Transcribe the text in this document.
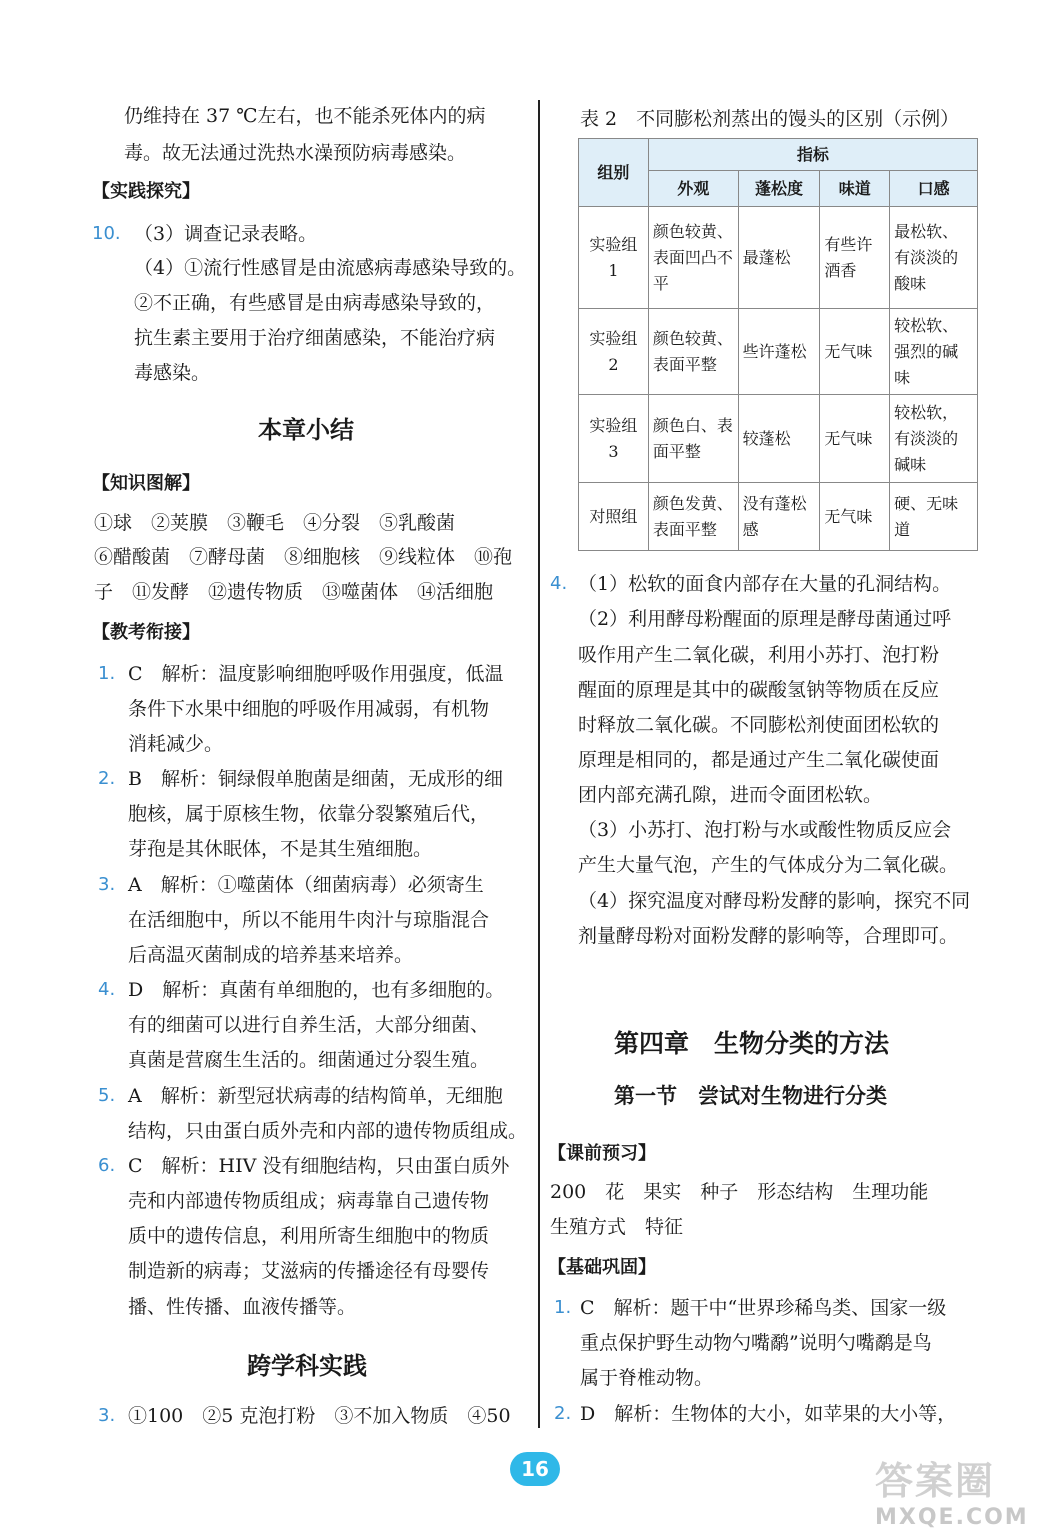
仍维持在 37 ℃左右，也不能杀死体内的病
毒。故无法通过洗热水澡预防病毒感染。
【实践探究】
10. （3）调查记录表略。
（4）①流行性感冒是由流感病毒感染导致的。
②不正确，有些感冒是由病毒感染导致的，
抗生素主要用于治疗细菌感染，不能治疗病
毒感染。
本章小结
【知识图解】
①球　②荚膜　③鞭毛　④分裂　⑤乳酸菌
⑥醋酸菌　⑦酵母菌　⑧细胞核　⑨线粒体　⑩孢
子　⑪发酵　⑫遗传物质　⑬噬菌体　⑭活细胞
【教考衔接】
1. C　解析：温度影响细胞呼吸作用强度，低温
条件下水果中细胞的呼吸作用减弱，有机物
消耗减少。
2. B　解析：铜绿假单胞菌是细菌，无成形的细
胞核，属于原核生物，依靠分裂繁殖后代，
芽孢是其休眠体，不是其生殖细胞。
3. A　解析：①噬菌体（细菌病毒）必须寄生
在活细胞中，所以不能用牛肉汁与琼脂混合
后高温灭菌制成的培养基来培养。
4. D　解析：真菌有单细胞的，也有多细胞的。
有的细菌可以进行自养生活，大部分细菌、
真菌是营腐生生活的。细菌通过分裂生殖。
5. A　解析：新型冠状病毒的结构简单，无细胞
结构，只由蛋白质外壳和内部的遗传物质组成。
6. C　解析：HIV 没有细胞结构，只由蛋白质外
壳和内部遗传物质组成；病毒靠自己遗传物
质中的遗传信息，利用所寄生细胞中的物质
制造新的病毒；艾滋病的传播途径有母婴传
播、性传播、血液传播等。
跨学科实践
3. ①100　②5 克泡打粉　③不加入物质　④50
表 2　不同膨松剂蒸出的馒头的区别（示例）
组别	指标			
	外观	蓬松度	味道	口感
实验组 1	颜色较黄、表面凹凸不平	最蓬松	有些许酒香	最松软、有淡淡的酸味
实验组 2	颜色较黄、表面平整	些许蓬松	无气味	较松软、强烈的碱味
实验组 3	颜色白、表面平整	较蓬松	无气味	较松软，有淡淡的碱味
对照组	颜色发黄、表面平整	没有蓬松感	无气味	硬、无味道
4. （1）松软的面食内部存在大量的孔洞结构。
（2）利用酵母粉醒面的原理是酵母菌通过呼
吸作用产生二氧化碳，利用小苏打、泡打粉
醒面的原理是其中的碳酸氢钠等物质在反应
时释放二氧化碳。不同膨松剂使面团松软的
原理是相同的，都是通过产生二氧化碳使面
团内部充满孔隙，进而令面团松软。
（3）小苏打、泡打粉与水或酸性物质反应会
产生大量气泡，产生的气体成分为二氧化碳。
（4）探究温度对酵母粉发酵的影响，探究不同
剂量酵母粉对面粉发酵的影响等，合理即可。
第四章　生物分类的方法
第一节　尝试对生物进行分类
【课前预习】
200　花　果实　种子　形态结构　生理功能
生殖方式　特征
【基础巩固】
1. C　解析：题干中“世界珍稀鸟类、国家一级
重点保护野生动物勺嘴鹬”说明勺嘴鹬是鸟
属于脊椎动物。
2. D　解析：生物体的大小，如苹果的大小等，
16	答案圈
MXQE.COM
